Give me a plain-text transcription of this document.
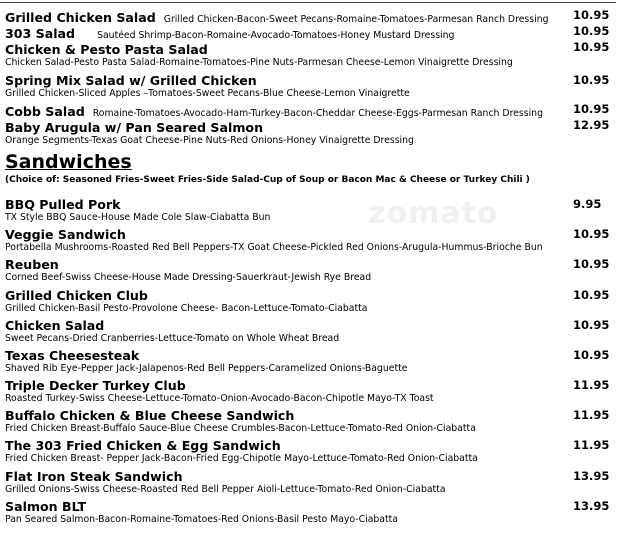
Grilled Chicken Salad Grilled Chicken-Bacon-Sweet Pecans-Romaine-Tomatoes-Parmesan Ranch Dressing 10.95
303 Salad Sautéed Shrimp-Bacon-Romaine-Avocado-Tomatoes-Honey Mustard Dressing	10.95
Chicken & Pesto Pasta Salad	10.95
Chicken Salad-Pesto Pasta Salad-Romaine-Tomatoes-Pine Nuts-Parmesan Cheese-Lemon Vinaigrette Dressing
Spring Mix Salad w/ Grilled Chicken	10.95
Grilled Chicken-Sliced Apples –Tomatoes-Sweet Pecans-Blue Cheese-Lemon Vinaigrette
Cobb Salad Romaine-Tomatoes-Avocado-Ham-Turkey-Bacon-Cheddar Cheese-Eggs-Parmesan Ranch Dressing	10.95
Baby Arugula w/ Pan Seared Salmon	12.95
Orange Segments-Texas Goat Cheese-Pine Nuts-Red Onions-Honey Vinaigrette Dressing
Sandwiches
(Choice of: Seasoned Fries-Sweet Fries-Side Salad-Cup of Soup or Bacon Mac & Cheese or Turkey Chili )
zomato
BBQ Pulled Pork	9.95
TX Style BBQ Sauce-House Made Cole Slaw-Ciabatta Bun
Veggie Sandwich	10.95
Portabella Mushrooms-Roasted Red Bell Peppers-TX Goat Cheese-Pickled Red Onions-Arugula-Hummus-Brioche Bun
Reuben	10.95
Corned Beef-Swiss Cheese-House Made Dressing-Sauerkraut-Jewish Rye Bread
Grilled Chicken Club	10.95
Grilled Chicken-Basil Pesto-Provolone Cheese- Bacon-Lettuce-Tomato-Ciabatta
Chicken Salad	10.95
Sweet Pecans-Dried Cranberries-Lettuce-Tomato on Whole Wheat Bread
Texas Cheesesteak	10.95
Shaved Rib Eye-Pepper Jack-Jalapenos-Red Bell Peppers-Caramelized Onions-Baguette
Triple Decker Turkey Club	11.95
Roasted Turkey-Swiss Cheese-Lettuce-Tomato-Onion-Avocado-Bacon-Chipotle Mayo-TX Toast
Buffalo Chicken & Blue Cheese Sandwich	11.95
Fried Chicken Breast-Buffalo Sauce-Blue Cheese Crumbles-Bacon-Lettuce-Tomato-Red Onion-Ciabatta
The 303 Fried Chicken & Egg Sandwich	11.95
Fried Chicken Breast- Pepper Jack-Bacon-Fried Egg-Chipotle Mayo-Lettuce-Tomato-Red Onion-Ciabatta
Flat Iron Steak Sandwich	13.95
Grilled Onions-Swiss Cheese-Roasted Red Bell Pepper Aioli-Lettuce-Tomato-Red Onion-Ciabatta
Salmon BLT	13.95
Pan Seared Salmon-Bacon-Romaine-Tomatoes-Red Onions-Basil Pesto Mayo-Ciabatta
